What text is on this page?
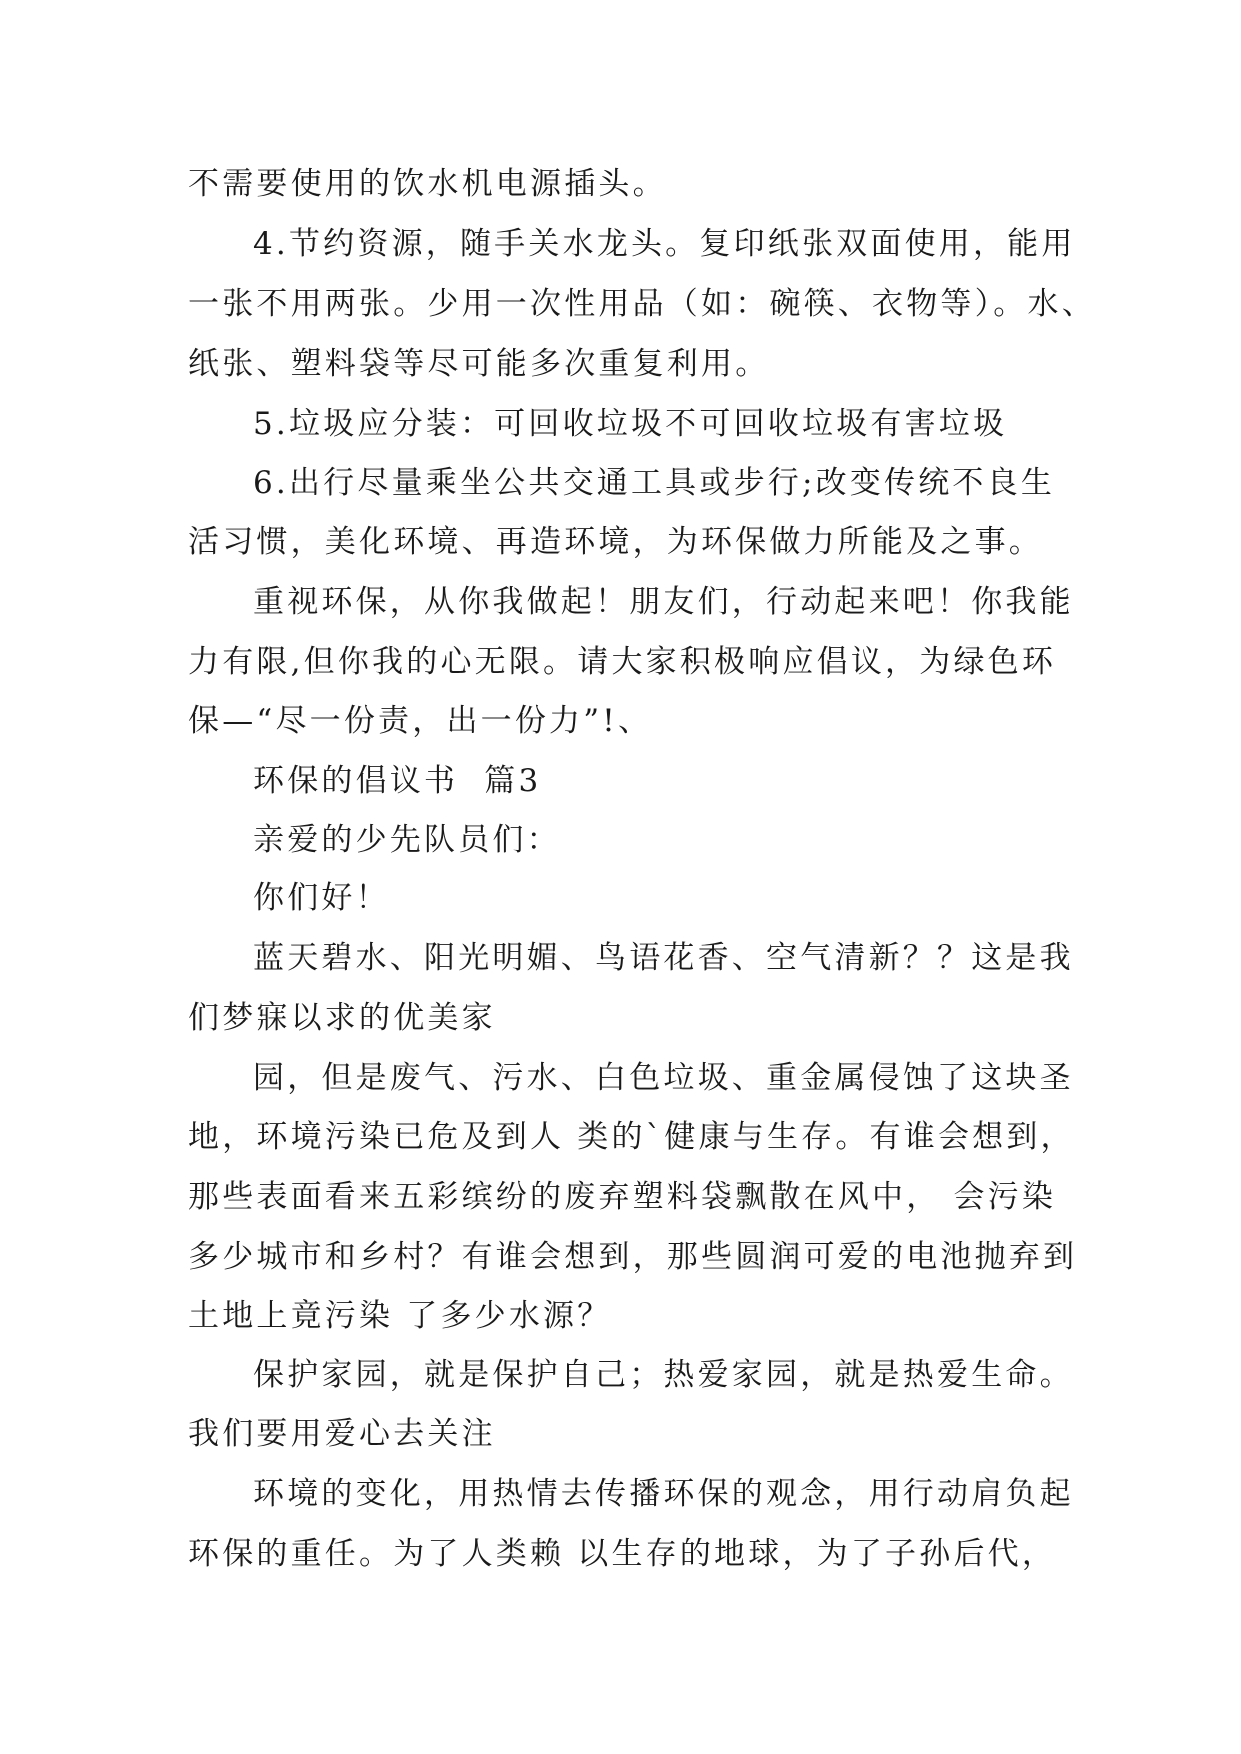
不需要使用的饮水机电源插头。
4.节约资源，随手关水龙头。复印纸张双面使用，能用
一张不用两张。少用一次性用品（如：碗筷、衣物等）。水、
纸张、塑料袋等尽可能多次重复利用。
5.垃圾应分装：可回收垃圾不可回收垃圾有害垃圾
6.出行尽量乘坐公共交通工具或步行;改变传统不良生
活习惯，美化环境、再造环境，为环保做力所能及之事。
重视环保，从你我做起！朋友们，行动起来吧！你我能
力有限,但你我的心无限。请大家积极响应倡议，为绿色环
保—“尽一份责，出一份力”!、
环保的倡议书  篇3
亲爱的少先队员们：
你们好！
蓝天碧水、阳光明媚、鸟语花香、空气清新？？这是我
们梦寐以求的优美家
园，但是废气、污水、白色垃圾、重金属侵蚀了这块圣
地，环境污染已危及到人 类的`健康与生存。有谁会想到，
那些表面看来五彩缤纷的废弃塑料袋飘散在风中， 会污染
多少城市和乡村？有谁会想到，那些圆润可爱的电池抛弃到
土地上竟污染 了多少水源？
保护家园，就是保护自己；热爱家园，就是热爱生命。
我们要用爱心去关注
环境的变化，用热情去传播环保的观念，用行动肩负起
环保的重任。为了人类赖 以生存的地球，为了子孙后代，
